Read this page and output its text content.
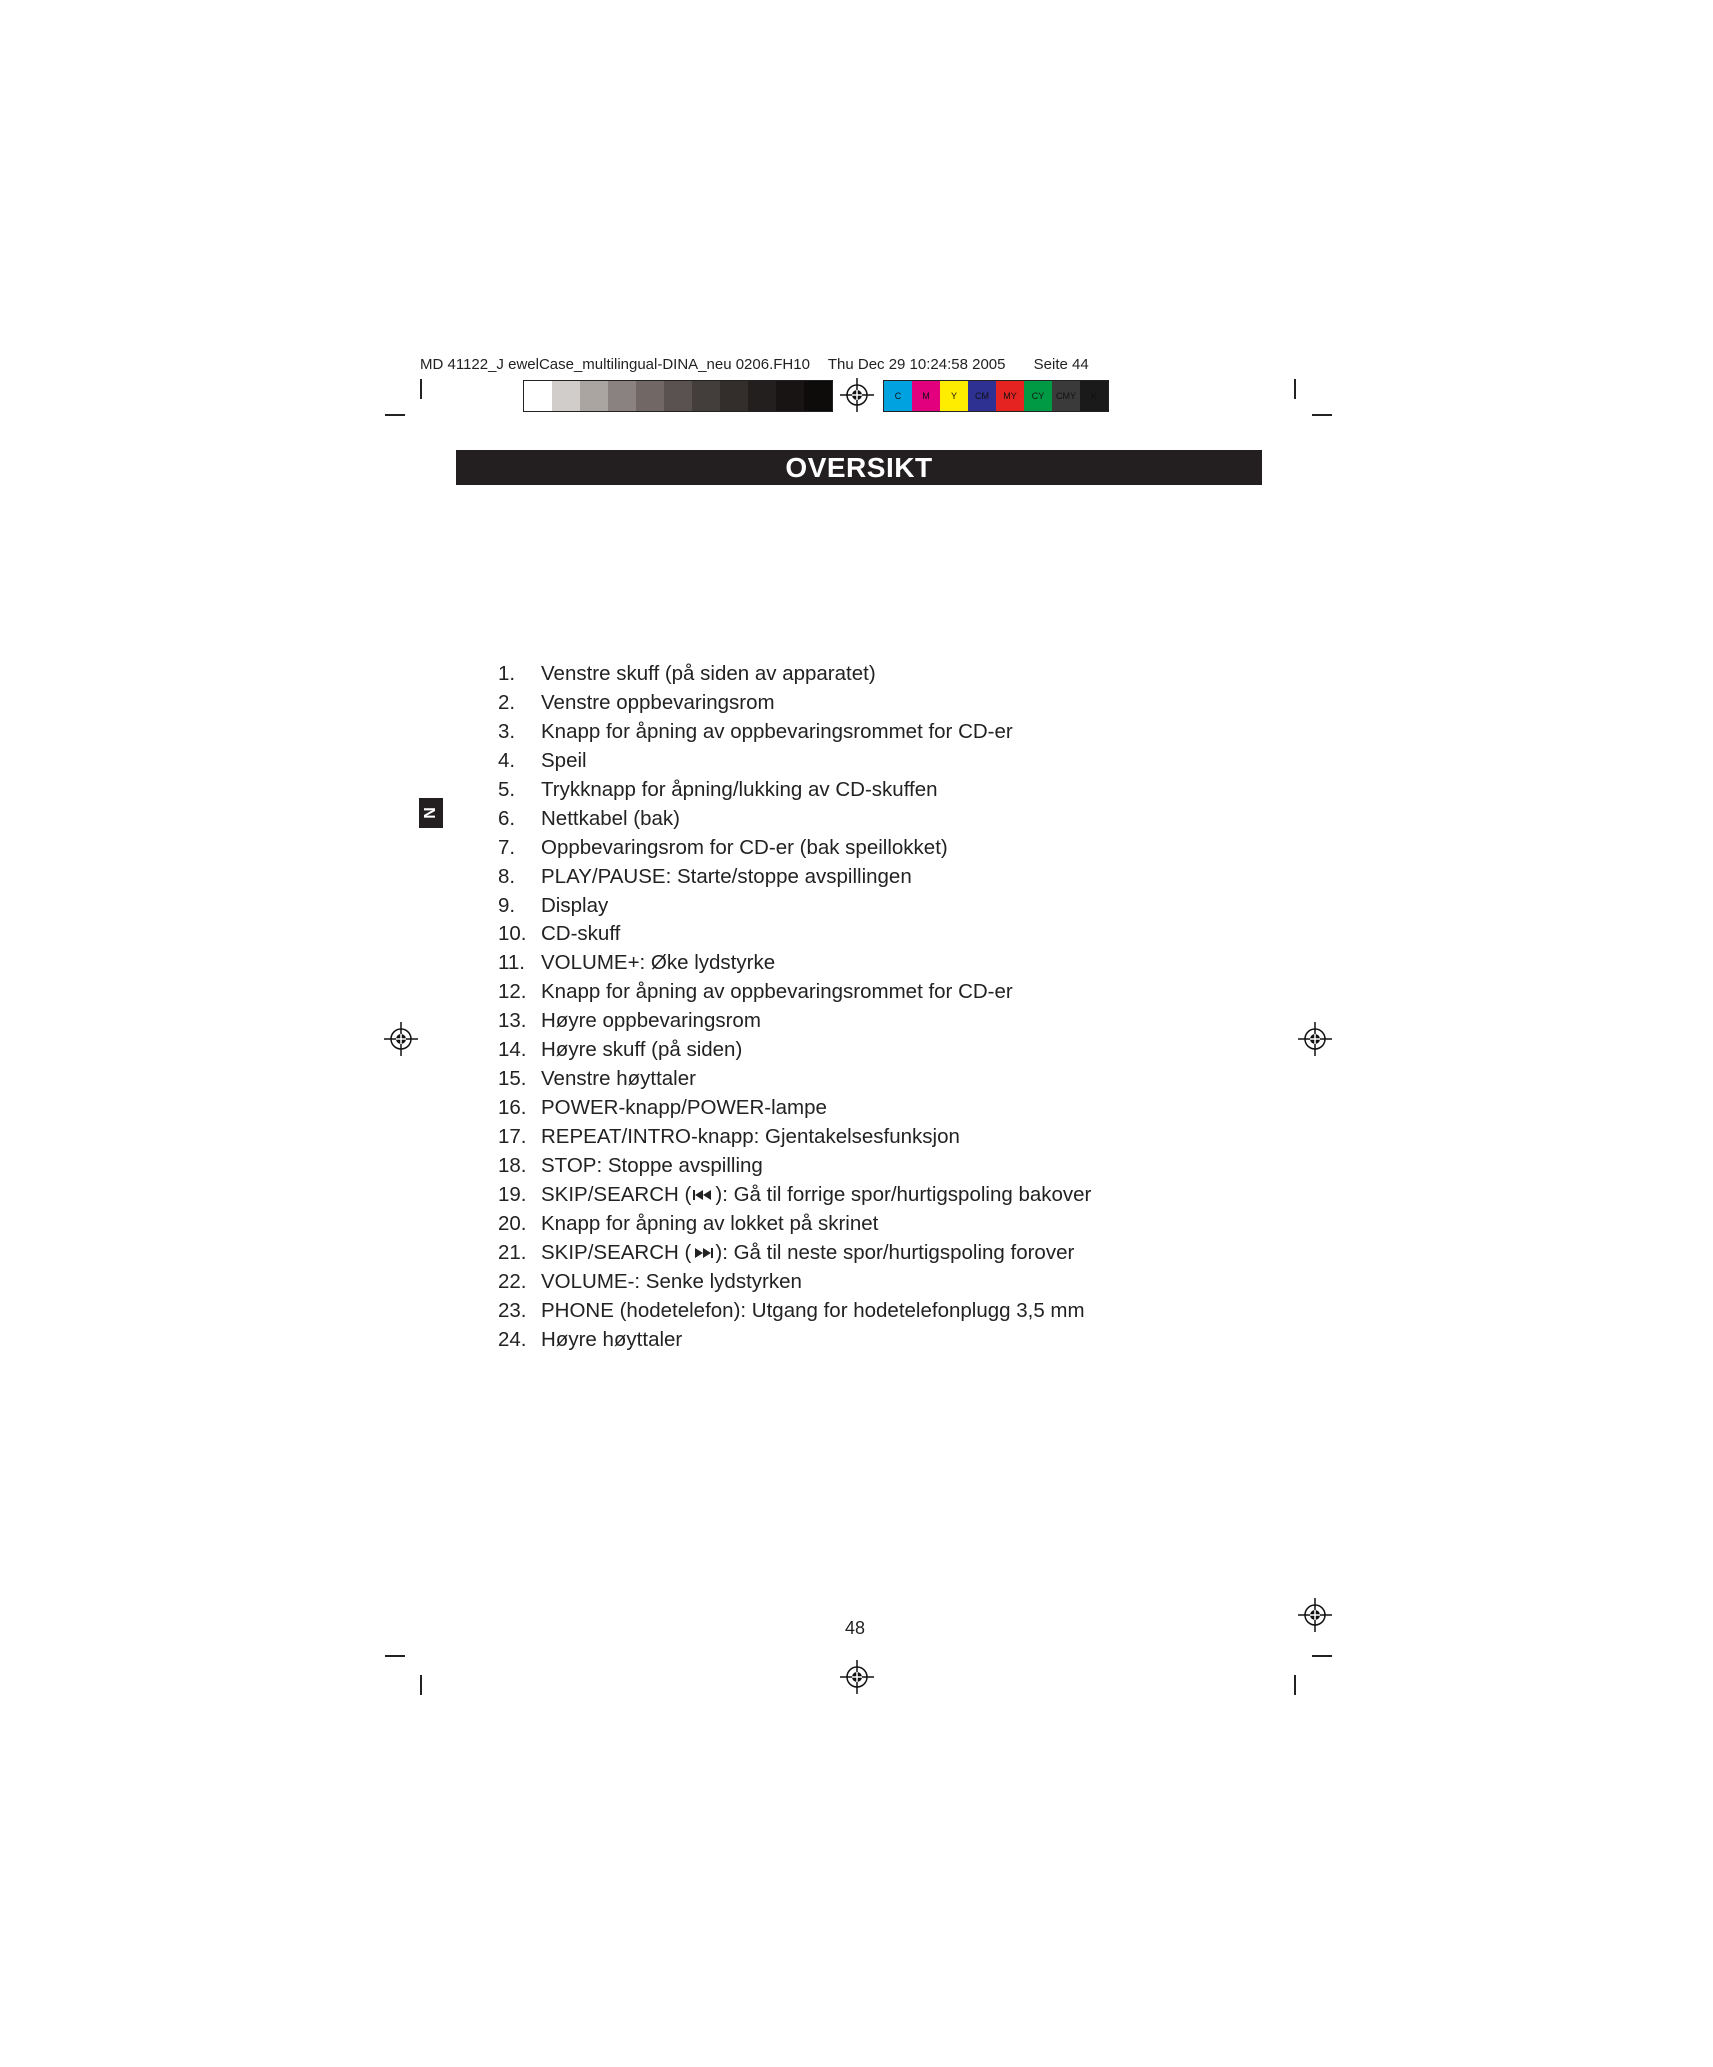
MD 41122_J ewelCase_multilingual-DINA_neu 0206.FH10 Thu Dec 29 10:24:58 2005 Seite 44
C	M	Y	CM	MY	CY	CMY	K
OVERSIKT
N
1.	Venstre skuff (på siden av apparatet)
2.	Venstre oppbevaringsrom
3.	Knapp for åpning av oppbevaringsrommet for CD-er
4.	Speil
5.	Trykknapp for åpning/lukking av CD-skuffen
6.	Nettkabel (bak)
7.	Oppbevaringsrom for CD-er (bak speillokket)
8.	PLAY/PAUSE: Starte/stoppe avspillingen
9.	Display
10. CD-skuff
11. VOLUME+: Øke lydstyrke
12. Knapp for åpning av oppbevaringsrommet for CD-er
13. Høyre oppbevaringsrom
14. Høyre skuff (på siden)
15. Venstre høyttaler
16. POWER-knapp/POWER-lampe
17. REPEAT/INTRO-knapp: Gjentakelsesfunksjon
18. STOP: Stoppe avspilling
19. SKIP/SEARCH ( ): Gå til forrige spor/hurtigspoling bakover
20. Knapp for åpning av lokket på skrinet
21. SKIP/SEARCH ( ): Gå til neste spor/hurtigspoling forover
22. VOLUME-: Senke lydstyrken
23. PHONE (hodetelefon): Utgang for hodetelefonplugg 3,5 mm
24. Høyre høyttaler
48
